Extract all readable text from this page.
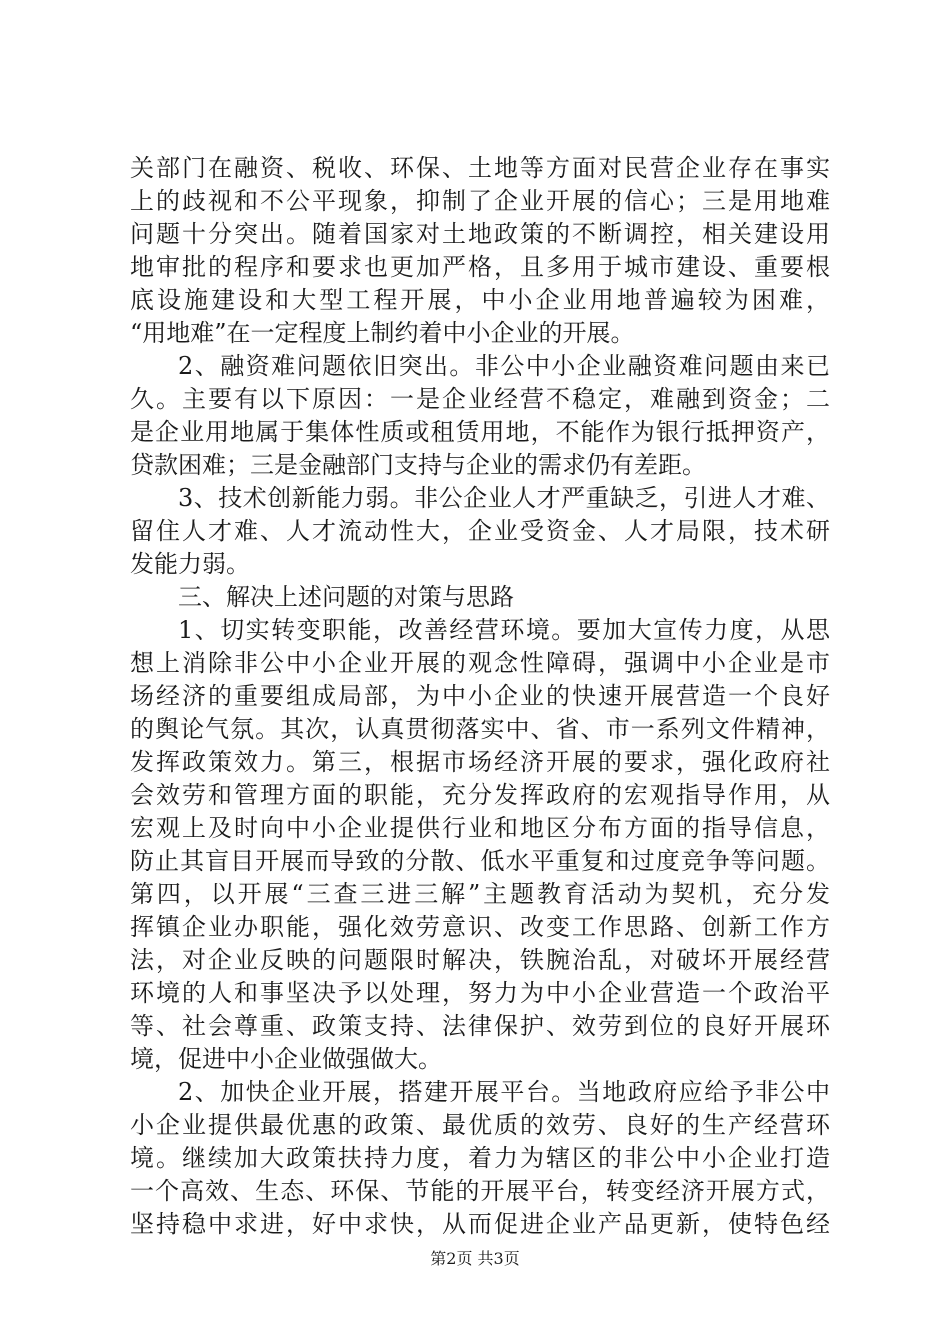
关部门在融资、税收、环保、土地等方面对民营企业存在事实
上的歧视和不公平现象，抑制了企业开展的信心；三是用地难
问题十分突出。随着国家对土地政策的不断调控，相关建设用
地审批的程序和要求也更加严格，且多用于城市建设、重要根
底设施建设和大型工程开展，中小企业用地普遍较为困难，
“用地难”在一定程度上制约着中小企业的开展。
2、融资难问题依旧突出。非公中小企业融资难问题由来已
久。主要有以下原因：一是企业经营不稳定，难融到资金；二
是企业用地属于集体性质或租赁用地，不能作为银行抵押资产，
贷款困难；三是金融部门支持与企业的需求仍有差距。
3、技术创新能力弱。非公企业人才严重缺乏，引进人才难、
留住人才难、人才流动性大，企业受资金、人才局限，技术研
发能力弱。
三、解决上述问题的对策与思路
1、切实转变职能，改善经营环境。要加大宣传力度，从思
想上消除非公中小企业开展的观念性障碍，强调中小企业是市
场经济的重要组成局部，为中小企业的快速开展营造一个良好
的舆论气氛。其次，认真贯彻落实中、省、市一系列文件精神，
发挥政策效力。第三，根据市场经济开展的要求，强化政府社
会效劳和管理方面的职能，充分发挥政府的宏观指导作用，从
宏观上及时向中小企业提供行业和地区分布方面的指导信息，
防止其盲目开展而导致的分散、低水平重复和过度竞争等问题。
第四，以开展“三查三进三解”主题教育活动为契机，充分发
挥镇企业办职能，强化效劳意识、改变工作思路、创新工作方
法，对企业反映的问题限时解决，铁腕治乱，对破坏开展经营
环境的人和事坚决予以处理，努力为中小企业营造一个政治平
等、社会尊重、政策支持、法律保护、效劳到位的良好开展环
境，促进中小企业做强做大。
2、加快企业开展，搭建开展平台。当地政府应给予非公中
小企业提供最优惠的政策、最优质的效劳、良好的生产经营环
境。继续加大政策扶持力度，着力为辖区的非公中小企业打造
一个高效、生态、环保、节能的开展平台，转变经济开展方式，
坚持稳中求进，好中求快，从而促进企业产品更新，使特色经
第2页 共3页
